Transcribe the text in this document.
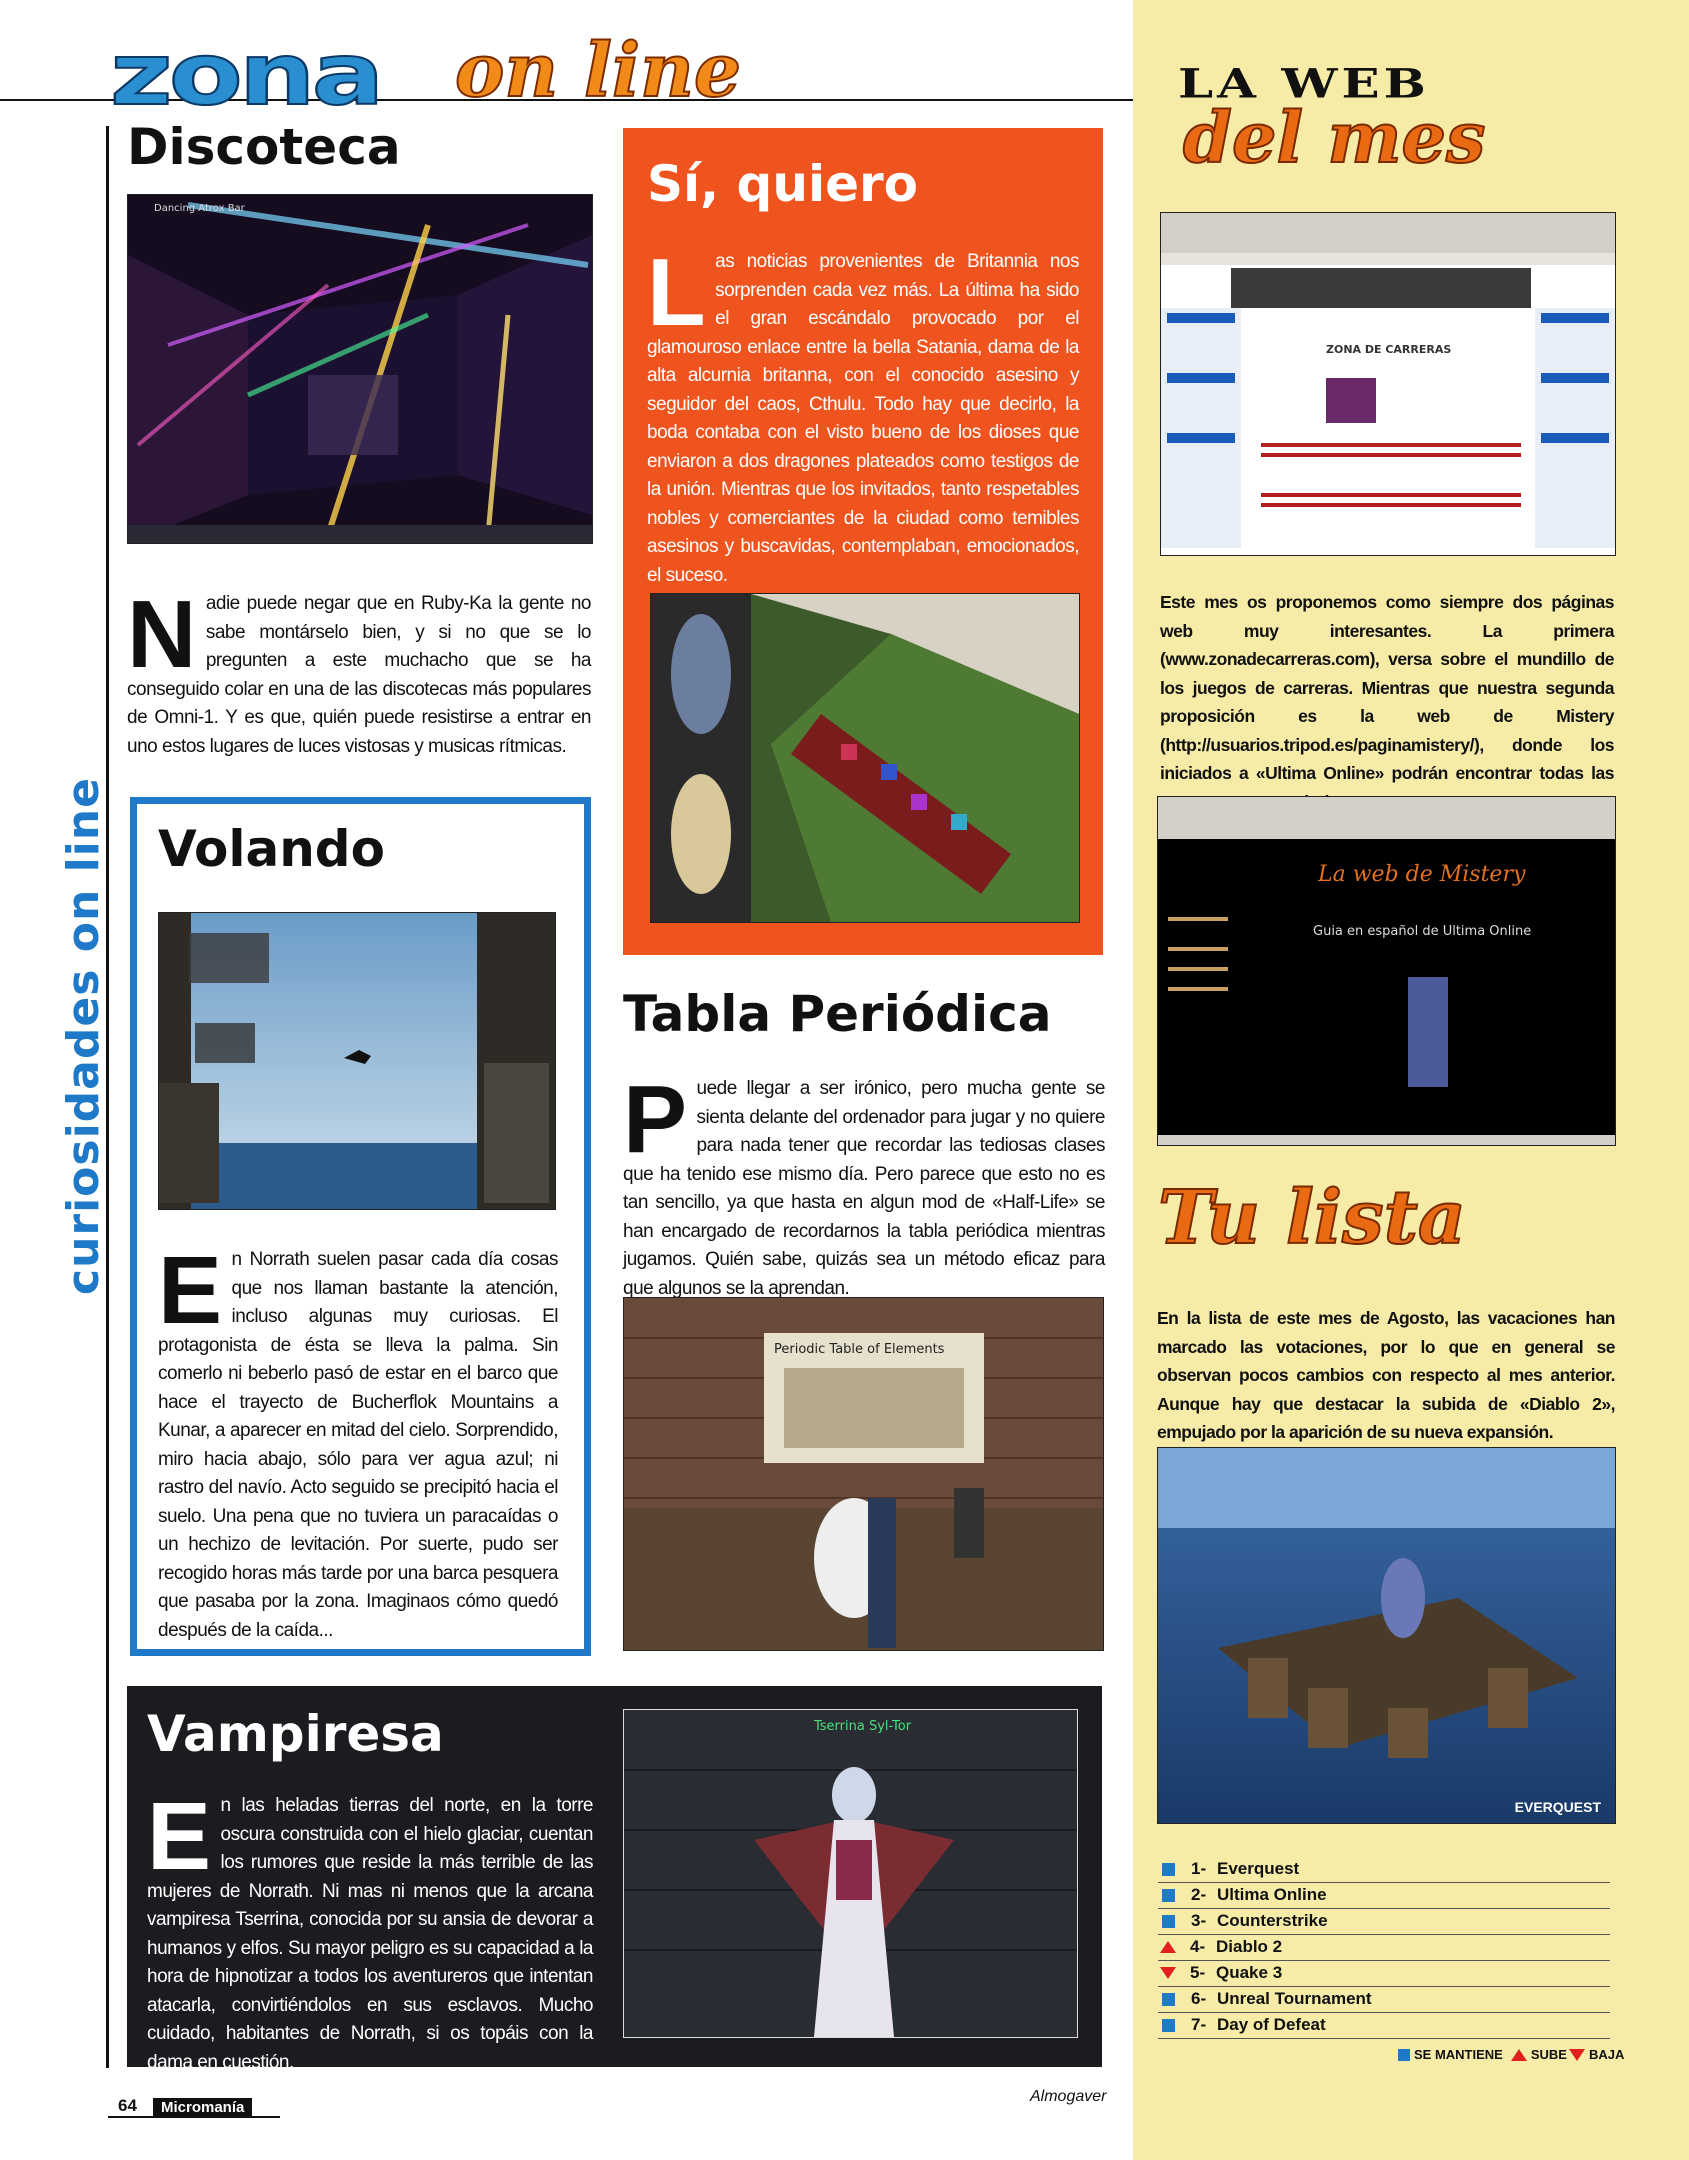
zona on line
curiosidades on line
Discoteca
Dancing Atrox Bar
N adie puede negar que en Ruby-Ka la gente no sabe montárselo bien, y si no que se lo pregunten a este muchacho que se ha conseguido colar en una de las discotecas más populares de Omni-1. Y es que, quién puede resistirse a entrar en uno estos lugares de luces vistosas y musicas rítmicas.
Volando
E n Norrath suelen pasar cada día cosas que nos llaman bastante la atención, incluso algunas muy curiosas. El protagonista de ésta se lleva la palma. Sin comerlo ni beberlo pasó de estar en el barco que hace el trayecto de Bucherflok Mountains a Kunar, a aparecer en mitad del cielo. Sorprendido, miro hacia abajo, sólo para ver agua azul; ni rastro del navío. Acto seguido se precipitó hacia el suelo. Una pena que no tuviera un paracaídas o un hechizo de levitación. Por suerte, pudo ser recogido horas más tarde por una barca pesquera que pasaba por la zona. Imaginaos cómo quedó después de la caída...
Sí, quiero
L as noticias provenientes de Britannia nos sorprenden cada vez más. La última ha sido el gran escándalo provocado por el glamouroso enlace entre la bella Satania, dama de la alta alcurnia britanna, con el conocido asesino y seguidor del caos, Cthulu. Todo hay que decirlo, la boda contaba con el visto bueno de los dioses que enviaron a dos dragones plateados como testigos de la unión. Mientras que los invitados, tanto respetables nobles y comerciantes de la ciudad como temibles asesinos y buscavidas, contemplaban, emocionados, el suceso.
Tabla Periódica
P uede llegar a ser irónico, pero mucha gente se sienta delante del ordenador para jugar y no quiere para nada tener que recordar las tediosas clases que ha tenido ese mismo día. Pero parece que esto no es tan sencillo, ya que hasta en algun mod de «Half-Life» se han encargado de recordarnos la tabla periódica mientras jugamos. Quién sabe, quizás sea un método eficaz para que algunos se la aprendan.
Periodic Table of Elements
Vampiresa
E n las heladas tierras del norte, en la torre oscura construida con el hielo glaciar, cuentan los rumores que reside la más terrible de las mujeres de Norrath. Ni mas ni menos que la arcana vampiresa Tserrina, conocida por su ansia de devorar a humanos y elfos. Su mayor peligro es su capacidad a la hora de hipnotizar a todos los aventureros que intentan atacarla, convirtiéndolos en sus esclavos. Mucho cuidado, habitantes de Norrath, si os topáis con la dama en cuestión.
Tserrina Syl-Tor
LA WEB
del mes
ZONA DE CARRERAS
Este mes os proponemos como siempre dos páginas web muy interesantes. La primera (www.zonadecarreras.com), versa sobre el mundillo de los juegos de carreras. Mientras que nuestra segunda proposición es la web de Mistery (http://usuarios.tripod.es/paginamistery/), donde los iniciados a «Ultima Online» podrán encontrar todas las
La web de Mistery
Guia en español de Ultima Online
Tu lista
En la lista de este mes de Agosto, las vacaciones han marcado las votaciones, por lo que en general se observan pocos cambios con respecto al mes anterior. Aunque hay que destacar la subida de «Diablo 2», empujado por la aparición de su nueva expansión.
EVERQUEST
1- Everquest
2- Ultima Online
3- Counterstrike
4- Diablo 2
5- Quake 3
6- Unreal Tournament
7- Day of Defeat
SE MANTIENE SUBE BAJA
64	Micromanía
Almogaver
